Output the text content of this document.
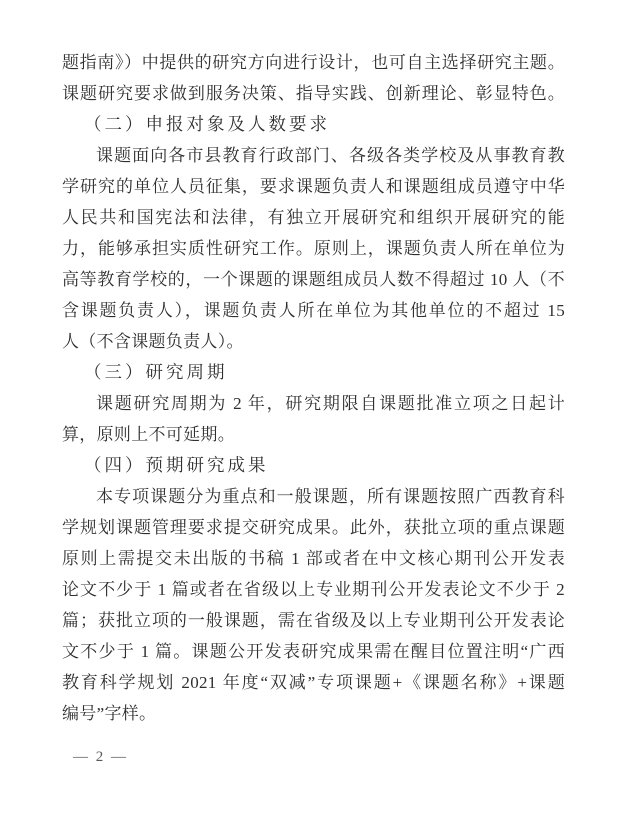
题指南》）中提供的研究方向进行设计，也可自主选择研究主题。
课题研究要求做到服务决策、指导实践、创新理论、彰显特色。
（二）申报对象及人数要求
课题面向各市县教育行政部门、各级各类学校及从事教育教
学研究的单位人员征集，要求课题负责人和课题组成员遵守中华
人民共和国宪法和法律，有独立开展研究和组织开展研究的能
力，能够承担实质性研究工作。原则上，课题负责人所在单位为
高等教育学校的，一个课题的课题组成员人数不得超过 10 人（不
含课题负责人），课题负责人所在单位为其他单位的不超过 15
人（不含课题负责人）。
（三）研究周期
课题研究周期为 2 年，研究期限自课题批准立项之日起计
算，原则上不可延期。
（四）预期研究成果
本专项课题分为重点和一般课题，所有课题按照广西教育科
学规划课题管理要求提交研究成果。此外，获批立项的重点课题
原则上需提交未出版的书稿 1 部或者在中文核心期刊公开发表
论文不少于 1 篇或者在省级以上专业期刊公开发表论文不少于 2
篇；获批立项的一般课题，需在省级及以上专业期刊公开发表论
文不少于 1 篇。课题公开发表研究成果需在醒目位置注明“广西
教育科学规划 2021 年度“双减”专项课题+《课题名称》+课题
编号”字样。
— 2 —
